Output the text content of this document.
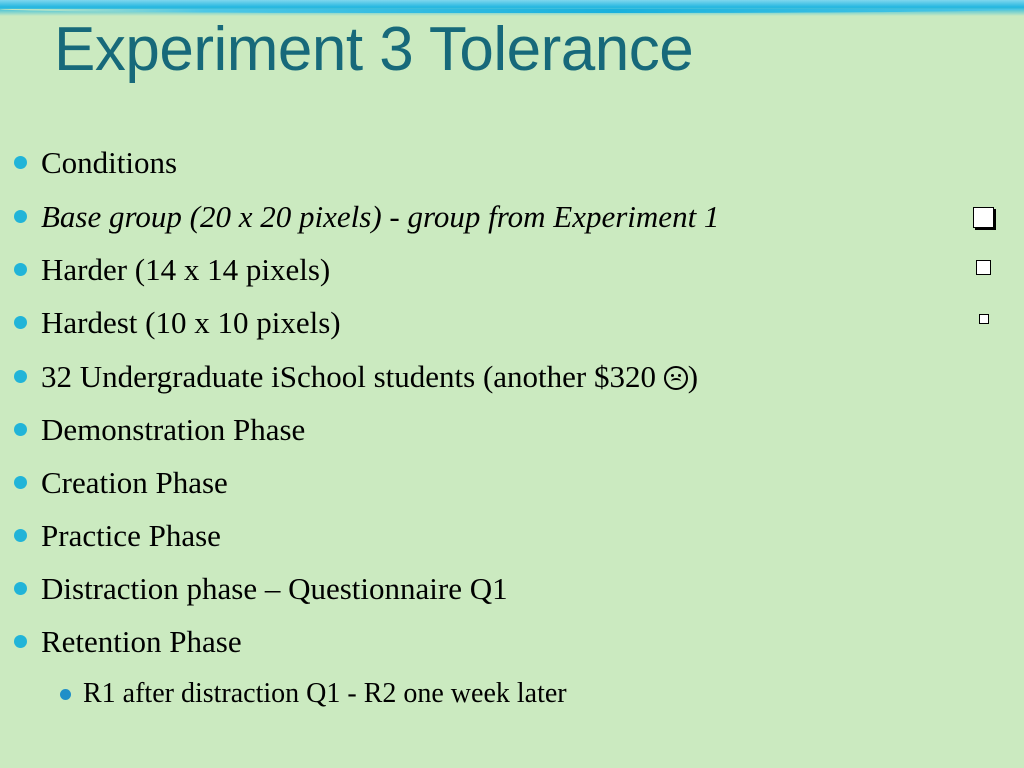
Experiment 3 Tolerance
Conditions
Base group (20 x 20 pixels) - group from Experiment 1
Harder (14 x 14 pixels)
Hardest (10 x 10 pixels)
32 Undergraduate iSchool students (another $320
)
Demonstration Phase
Creation Phase
Practice Phase
Distraction phase – Questionnaire Q1
Retention Phase
R1 after distraction Q1 - R2 one week later
